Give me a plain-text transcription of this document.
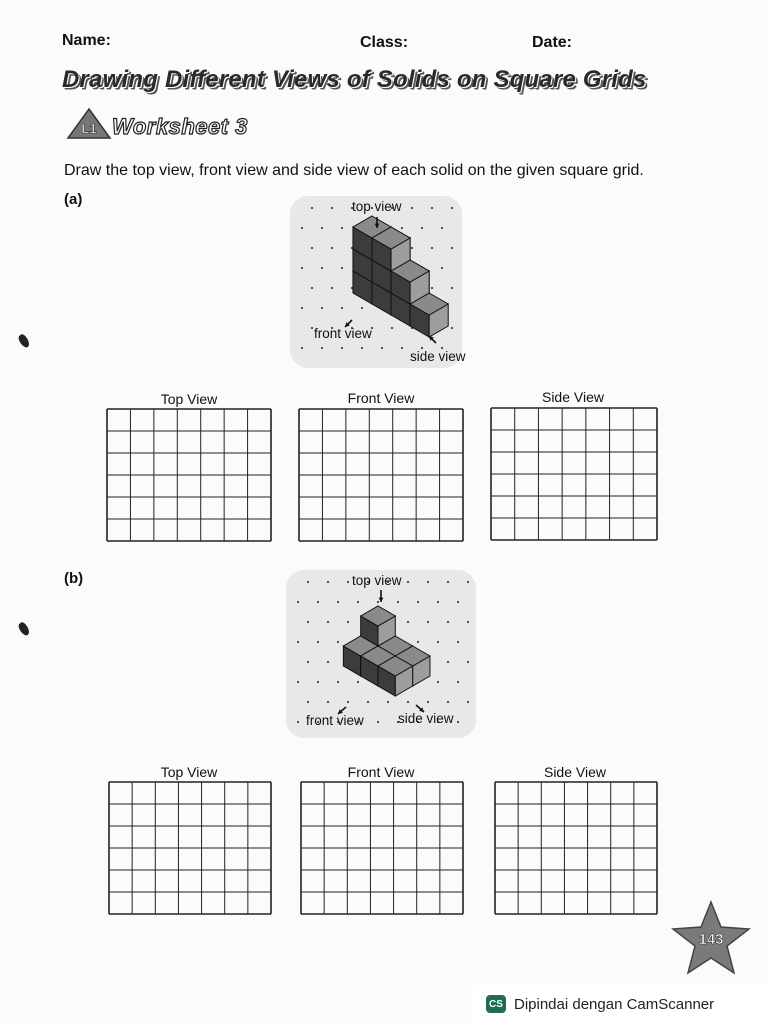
Name:	Class:	Date:
Drawing Different Views of Solids on Square Grids
L1 Worksheet 3
Draw the top view, front view and side view of each solid on the given square grid.
(a)	top view
front view
side view
Top View	Front View	Side View
(b)	top view
front view	side view
Top View	Front View	Side View
143
CS Dipindai dengan CamScanner
